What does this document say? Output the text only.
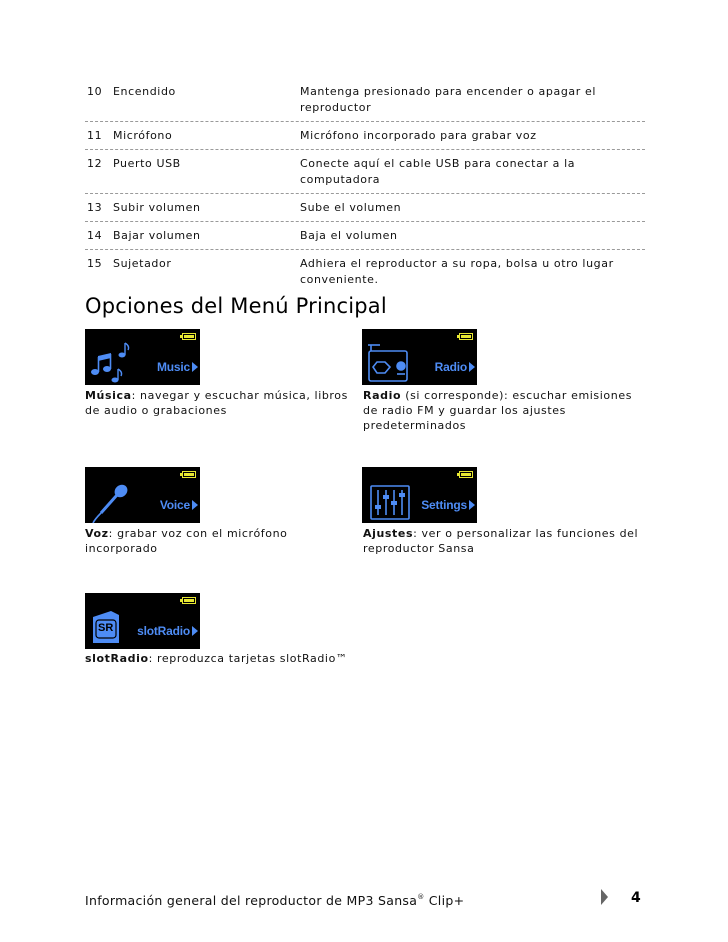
10 Encendido	Mantenga presionado para encender o apagar el reproductor
11 Micrófono	Micrófono incorporado para grabar voz
12 Puerto USB	Conecte aquí el cable USB para conectar a la computadora
13 Subir volumen	Sube el volumen
14 Bajar volumen	Baja el volumen
15 Sujetador	Adhiera el reproductor a su ropa, bolsa u otro lugar conveniente.
Opciones del Menú Principal
Music
Música: navegar y escuchar música, libros de audio o grabaciones
Radio
Radio (si corresponde): escuchar emisiones de radio FM y guardar los ajustes predeterminados
Voice
Voz: grabar voz con el micrófono incorporado
Settings
Ajustes: ver o personalizar las funciones del reproductor Sansa
SR slotRadio
slotRadio: reproduzca tarjetas slotRadio™
Información general del reproductor de MP3 Sansa® Clip+	4
